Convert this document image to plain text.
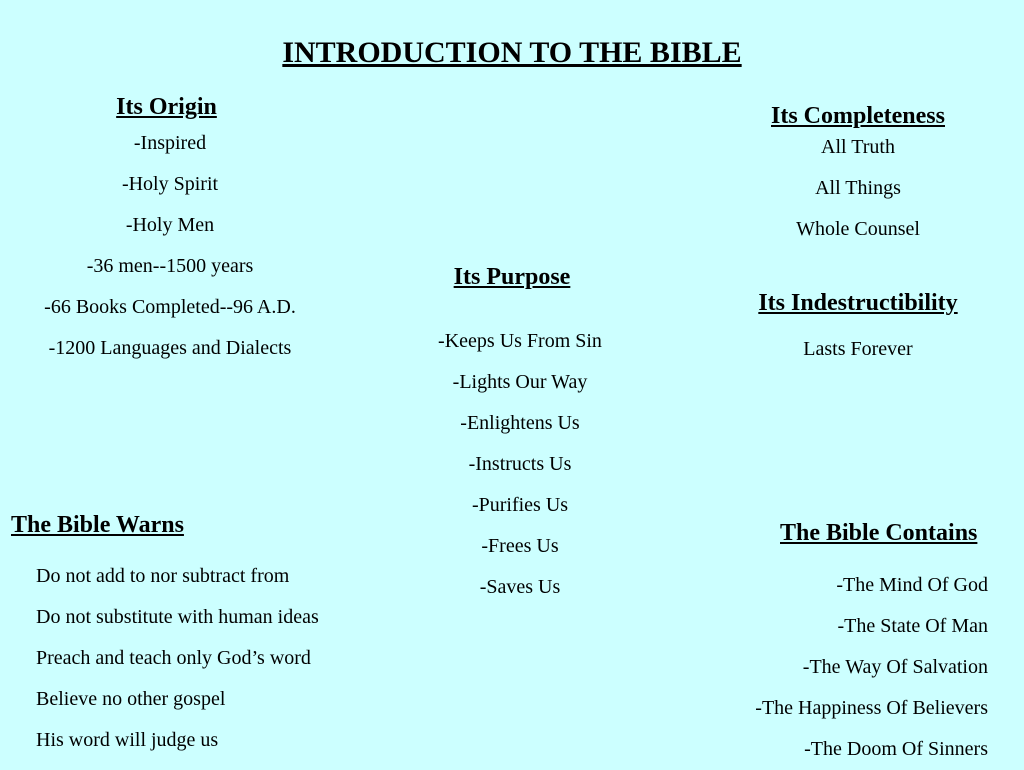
INTRODUCTION TO THE BIBLE
Its Origin
-Inspired
-Holy Spirit
-Holy Men
-36 men--1500 years
-66 Books Completed--96 A.D.
-1200 Languages and Dialects
Its Completeness
All Truth
All Things
Whole Counsel
Its Purpose
-Keeps Us From Sin
-Lights Our Way
-Enlightens Us
-Instructs Us
-Purifies Us
-Frees Us
-Saves Us
Its Indestructibility
Lasts Forever
The Bible Warns
Do not add to nor subtract from
Do not substitute with human ideas
Preach and teach only God’s word
Believe no other gospel
His word will judge us
The Bible Contains
-The Mind Of God
-The State Of Man
-The Way Of Salvation
-The Happiness Of Believers
-The Doom Of Sinners
